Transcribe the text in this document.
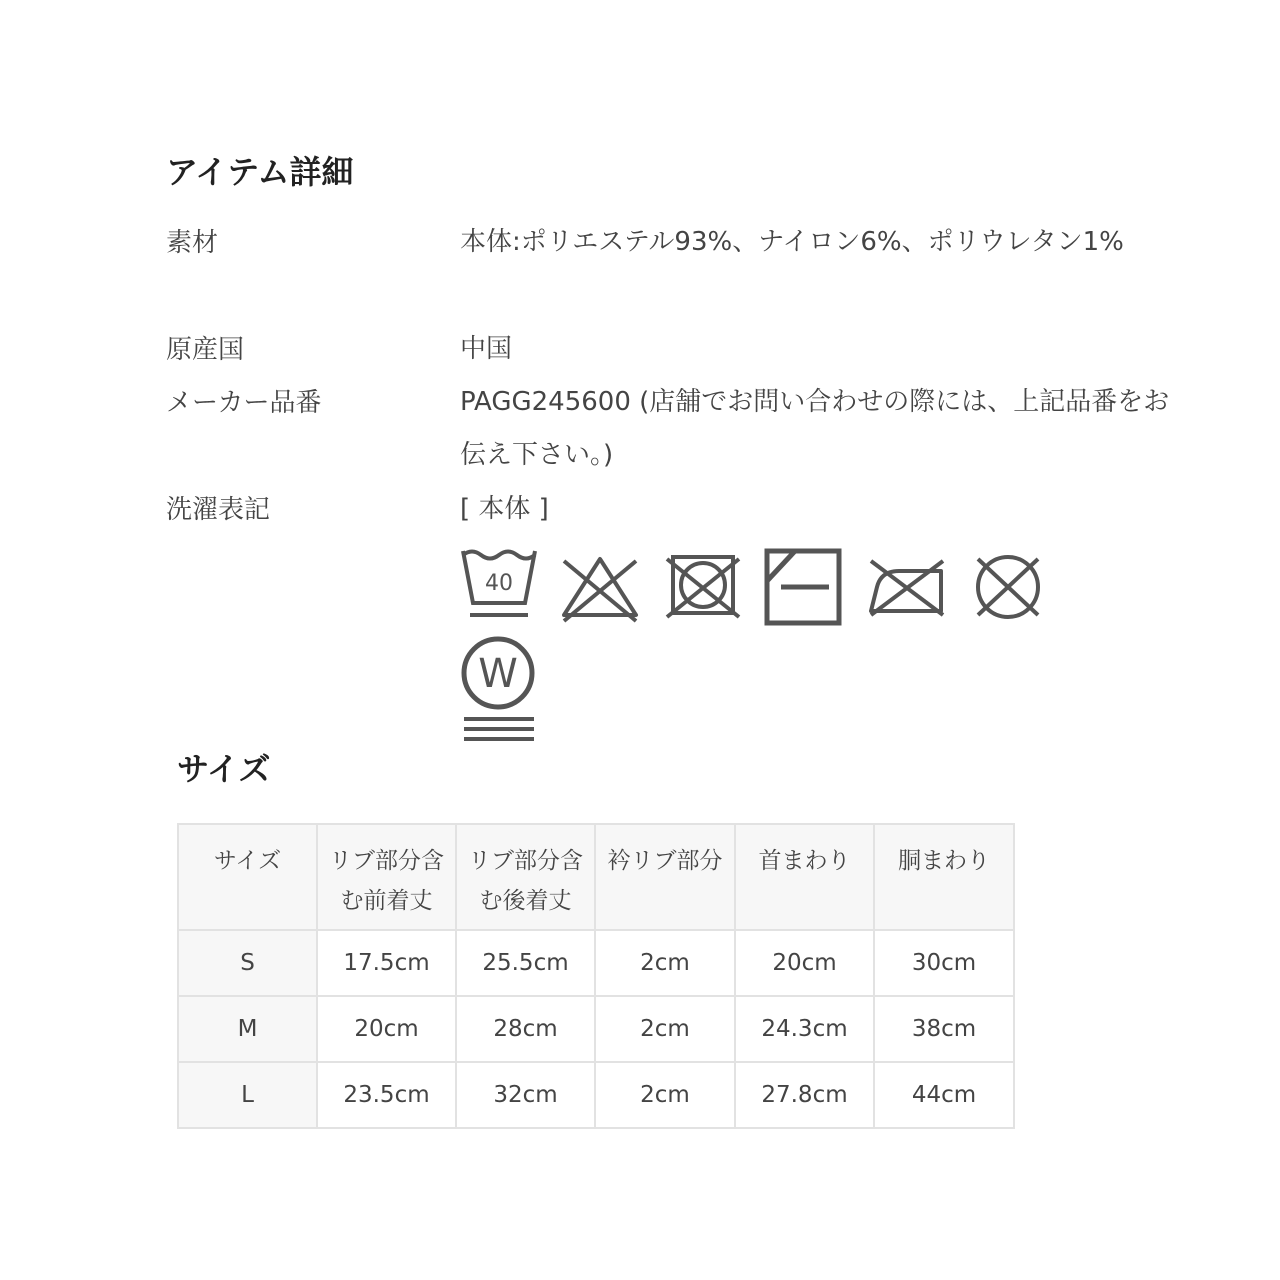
アイテム詳細
素材	本体:ポリエステル93%、ナイロン6%、ポリウレタン1%
原産国	中国
メーカー品番	PAGG245600 (店舗でお問い合わせの際には、上記品番をお伝え下さい。)
洗濯表記	[ 本体 ]
40
W
サイズ
サイズ	リブ部分含む前着丈	リブ部分含む後着丈	衿リブ部分	首まわり	胴まわり
S	17.5cm	25.5cm	2cm	20cm	30cm
M	20cm	28cm	2cm	24.3cm	38cm
L	23.5cm	32cm	2cm	27.8cm	44cm
